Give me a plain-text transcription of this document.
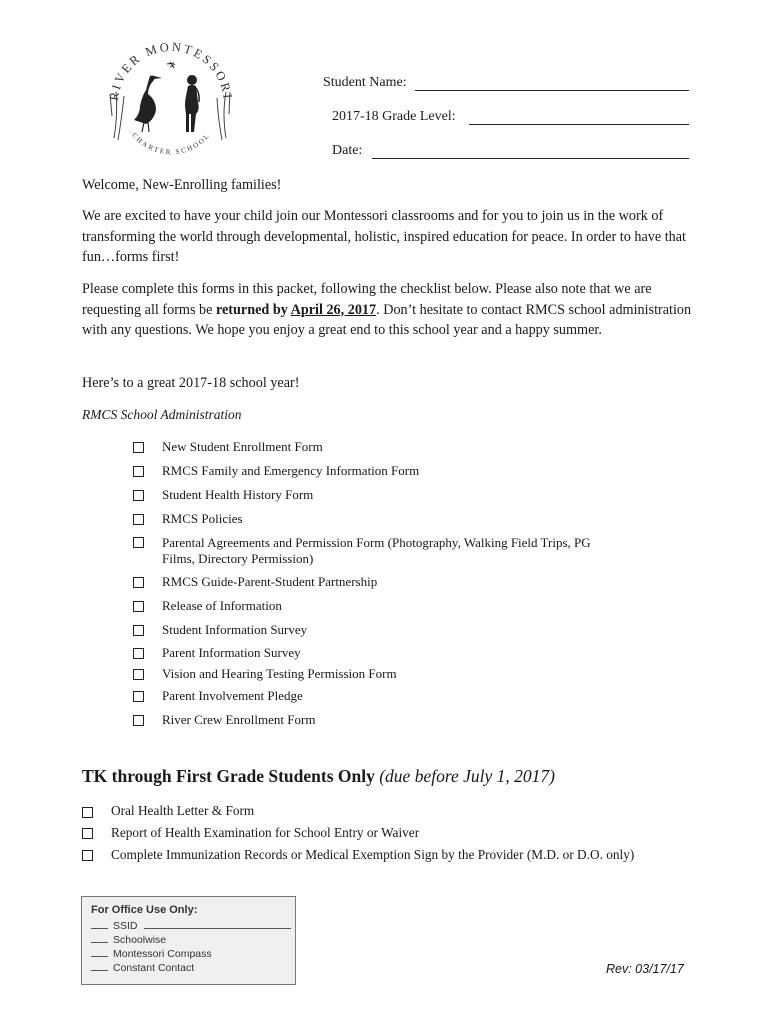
RIVER MONTESSORI
CHARTER SCHOOL
Student Name:
2017-18 Grade Level:
Date:
Welcome, New-Enrolling families!
We are excited to have your child join our Montessori classrooms and for you to join us in the work of transforming the world through developmental, holistic, inspired education for peace. In order to have that fun…forms first!
Please complete this forms in this packet, following the checklist below. Please also note that we are requesting all forms be returned by April 26, 2017. Don’t hesitate to contact RMCS school administration with any questions. We hope you enjoy a great end to this school year and a happy summer.
Here’s to a great 2017-18 school year!
RMCS School Administration
New Student Enrollment Form
RMCS Family and Emergency Information Form
Student Health History Form
RMCS Policies
Parental Agreements and Permission Form (Photography, Walking Field Trips, PG
Films, Directory Permission)
RMCS Guide-Parent-Student Partnership
Release of Information
Student Information Survey
Parent Information Survey
Vision and Hearing Testing Permission Form
Parent Involvement Pledge
River Crew Enrollment Form
TK through First Grade Students Only (due before July 1, 2017)
Oral Health Letter & Form
Report of Health Examination for School Entry or Waiver
Complete Immunization Records or Medical Exemption Sign by the Provider (M.D. or D.O. only)
For Office Use Only:
SSID
Schoolwise
Montessori Compass
Constant Contact	Rev: 03/17/17
